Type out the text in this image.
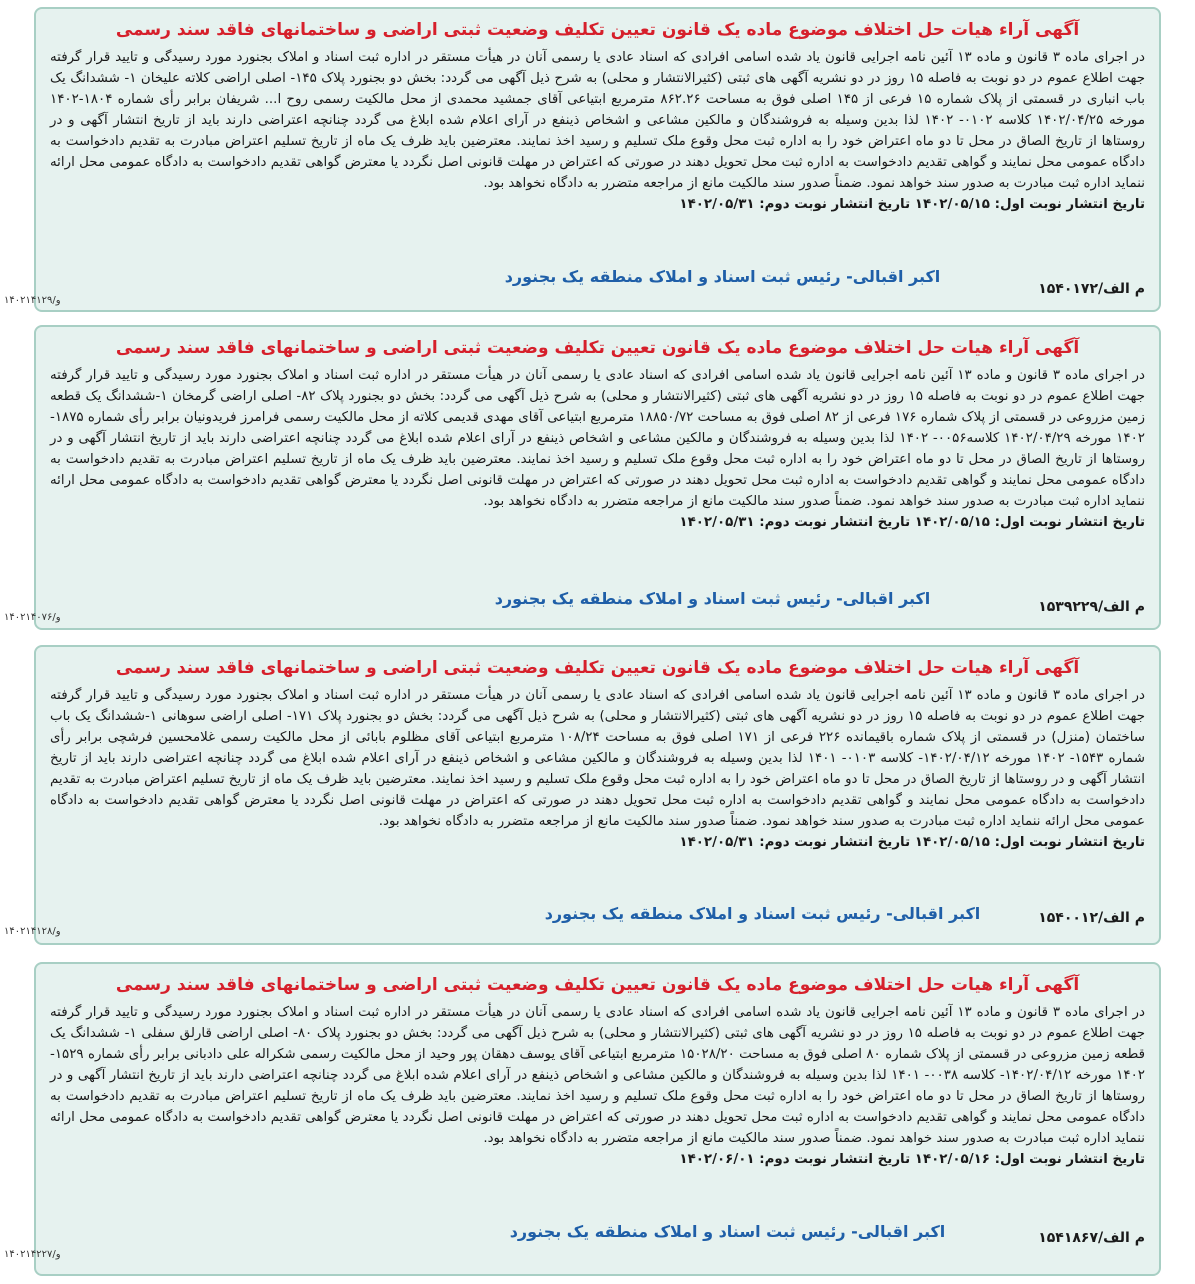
آگهی آراء هیات حل اختلاف موضوع ماده یک قانون تعیین تکلیف وضعیت ثبتی اراضی و ساختمانهای فاقد سند رسمی

در اجرای ماده ۳ قانون و ماده ۱۳ آئین نامه اجرایی قانون یاد شده اسامی افرادی که اسناد عادی یا رسمی آنان در هیأت مستقر در اداره ثبت اسناد و املاک بجنورد مورد رسیدگی و تایید قرار گرفته جهت اطلاع عموم در دو نوبت به فاصله ۱۵ روز در دو نشریه آگهی های ثبتی (کثیرالانتشار و محلی) به شرح ذیل آگهی می گردد: بخش دو بجنورد پلاک ۱۴۵- اصلی اراضی کلاته علیخان ۱- ششدانگ یک باب انباری در قسمتی از پلاک شماره ۱۵ فرعی از ۱۴۵ اصلی فوق به مساحت ۸۶۲.۲۶ مترمربع ابتیاعی آقای جمشید محمدی از محل مالکیت رسمی روح ا... شریفان برابر رأی شماره ۱۸۰۴-۱۴۰۲ مورخه ۱۴۰۲/۰۴/۲۵ کلاسه ۰۱۰۲- ۱۴۰۲ لذا بدین وسیله به فروشندگان و مالکین مشاعی و اشخاص ذینفع در آرای اعلام شده ابلاغ می گردد چنانچه اعتراضی دارند باید از تاریخ انتشار آگهی و در روستاها از تاریخ الصاق در محل تا دو ماه اعتراض خود را به اداره ثبت محل وقوع ملک تسلیم و رسید اخذ نمایند. معترضین باید ظرف یک ماه از تاریخ تسلیم اعتراض مبادرت به تقدیم دادخواست به دادگاه عمومی محل نمایند و گواهی تقدیم دادخواست به اداره ثبت محل تحویل دهند در صورتی که اعتراض در مهلت قانونی اصل نگردد یا معترض گواهی تقدیم دادخواست به دادگاه عمومی محل ارائه ننماید اداره ثبت مبادرت به صدور سند خواهد نمود. ضمناً صدور سند مالکیت مانع از مراجعه متضرر به دادگاه نخواهد بود.

تاریخ انتشار نوبت اول: ۱۴۰۲/۰۵/۱۵ تاریخ انتشار نوبت دوم: ۱۴۰۲/۰۵/۳۱

اکبر اقبالی- رئیس ثبت اسناد و املاک منطقه یک بجنورد
م الف/۱۵۴۰۱۷۲
۱۴۰۲۱۴۱۲۹/و
آگهی آراء هیات حل اختلاف موضوع ماده یک قانون تعیین تکلیف وضعیت ثبتی اراضی و ساختمانهای فاقد سند رسمی

در اجرای ماده ۳ قانون و ماده ۱۳ آئین نامه اجرایی قانون یاد شده اسامی افرادی که اسناد عادی یا رسمی آنان در هیأت مستقر در اداره ثبت اسناد و املاک بجنورد مورد رسیدگی و تایید قرار گرفته جهت اطلاع عموم در دو نوبت به فاصله ۱۵ روز در دو نشریه آگهی های ثبتی (کثیرالانتشار و محلی) به شرح ذیل آگهی می گردد: بخش دو بجنورد پلاک ۸۲- اصلی اراضی گرمخان ۱-ششدانگ یک قطعه زمین مزروعی در قسمتی از پلاک شماره ۱۷۶ فرعی از ۸۲ اصلی فوق به مساحت ۱۸۸۵۰/۷۲ مترمربع ابتیاعی آقای مهدی قدیمی کلاته از محل مالکیت رسمی فرامرز فریدونیان برابر رأی شماره ۱۸۷۵- ۱۴۰۲ مورخه ۱۴۰۲/۰۴/۲۹ کلاسه۰۰۵۶- ۱۴۰۲ لذا بدین وسیله به فروشندگان و مالکین مشاعی و اشخاص ذینفع در آرای اعلام شده ابلاغ می گردد چنانچه اعتراضی دارند باید از تاریخ انتشار آگهی و در روستاها از تاریخ الصاق در محل تا دو ماه اعتراض خود را به اداره ثبت محل وقوع ملک تسلیم و رسید اخذ نمایند. معترضین باید ظرف یک ماه از تاریخ تسلیم اعتراض مبادرت به تقدیم دادخواست به دادگاه عمومی محل نمایند و گواهی تقدیم دادخواست به اداره ثبت محل تحویل دهند در صورتی که اعتراض در مهلت قانونی اصل نگردد یا معترض گواهی تقدیم دادخواست به دادگاه عمومی محل ارائه ننماید اداره ثبت مبادرت به صدور سند خواهد نمود. ضمناً صدور سند مالکیت مانع از مراجعه متضرر به دادگاه نخواهد بود.

تاریخ انتشار نوبت اول: ۱۴۰۲/۰۵/۱۵ تاریخ انتشار نوبت دوم: ۱۴۰۲/۰۵/۳۱

اکبر اقبالی- رئیس ثبت اسناد و املاک منطقه یک بجنورد	م الف/۱۵۳۹۲۲۹
۱۴۰۲۱۴۰۷۶/و
آگهی آراء هیات حل اختلاف موضوع ماده یک قانون تعیین تکلیف وضعیت ثبتی اراضی و ساختمانهای فاقد سند رسمی

در اجرای ماده ۳ قانون و ماده ۱۳ آئین نامه اجرایی قانون یاد شده اسامی افرادی که اسناد عادی یا رسمی آنان در هیأت مستقر در اداره ثبت اسناد و املاک بجنورد مورد رسیدگی و تایید قرار گرفته جهت اطلاع عموم در دو نوبت به فاصله ۱۵ روز در دو نشریه آگهی های ثبتی (کثیرالانتشار و محلی) به شرح ذیل آگهی می گردد: بخش دو بجنورد پلاک ۱۷۱- اصلی اراضی سوهانی ۱-ششدانگ یک باب ساختمان (منزل) در قسمتی از پلاک شماره باقیمانده ۲۲۶ فرعی از ۱۷۱ اصلی فوق به مساحت ۱۰۸/۲۴ مترمربع ابتیاعی آقای مظلوم بابائی از محل مالکیت رسمی غلامحسین فرشچی برابر رأی شماره ۱۵۴۳- ۱۴۰۲ مورخه ۱۴۰۲/۰۴/۱۲- کلاسه ۰۱۰۳- ۱۴۰۱ لذا بدین وسیله به فروشندگان و مالکین مشاعی و اشخاص ذینفع در آرای اعلام شده ابلاغ می گردد چنانچه اعتراضی دارند باید از تاریخ انتشار آگهی و در روستاها از تاریخ الصاق در محل تا دو ماه اعتراض خود را به اداره ثبت محل وقوع ملک تسلیم و رسید اخذ نمایند. معترضین باید ظرف یک ماه از تاریخ تسلیم اعتراض مبادرت به تقدیم دادخواست به دادگاه عمومی محل نمایند و گواهی تقدیم دادخواست به اداره ثبت محل تحویل دهند در صورتی که اعتراض در مهلت قانونی اصل نگردد یا معترض گواهی تقدیم دادخواست به دادگاه عمومی محل ارائه ننماید اداره ثبت مبادرت به صدور سند خواهد نمود. ضمناً صدور سند مالکیت مانع از مراجعه متضرر به دادگاه نخواهد بود.

تاریخ انتشار نوبت اول: ۱۴۰۲/۰۵/۱۵ تاریخ انتشار نوبت دوم: ۱۴۰۲/۰۵/۳۱

اکبر اقبالی- رئیس ثبت اسناد و املاک منطقه یک بجنورد	م الف/۱۵۴۰۰۱۲
۱۴۰۲۱۴۱۲۸/و
آگهی آراء هیات حل اختلاف موضوع ماده یک قانون تعیین تکلیف وضعیت ثبتی اراضی و ساختمانهای فاقد سند رسمی

در اجرای ماده ۳ قانون و ماده ۱۳ آئین نامه اجرایی قانون یاد شده اسامی افرادی که اسناد عادی یا رسمی آنان در هیأت مستقر در اداره ثبت اسناد و املاک بجنورد مورد رسیدگی و تایید قرار گرفته جهت اطلاع عموم در دو نوبت به فاصله ۱۵ روز در دو نشریه آگهی های ثبتی (کثیرالانتشار و محلی) به شرح ذیل آگهی می گردد: بخش دو بجنورد پلاک ۸۰- اصلی اراضی قارلق سفلی ۱- ششدانگ یک قطعه زمین مزروعی در قسمتی از پلاک شماره ۸۰ اصلی فوق به مساحت ۱۵۰۲۸/۲۰ مترمربع ابتیاعی آقای یوسف دهقان پور وحید از محل مالکیت رسمی شکراله علی دادبانی برابر رأی شماره ۱۵۲۹- ۱۴۰۲ مورخه ۱۴۰۲/۰۴/۱۲- کلاسه ۰۰۳۸- ۱۴۰۱ لذا بدین وسیله به فروشندگان و مالکین مشاعی و اشخاص ذینفع در آرای اعلام شده ابلاغ می گردد چنانچه اعتراضی دارند باید از تاریخ انتشار آگهی و در روستاها از تاریخ الصاق در محل تا دو ماه اعتراض خود را به اداره ثبت محل وقوع ملک تسلیم و رسید اخذ نمایند. معترضین باید ظرف یک ماه از تاریخ تسلیم اعتراض مبادرت به تقدیم دادخواست به دادگاه عمومی محل نمایند و گواهی تقدیم دادخواست به اداره ثبت محل تحویل دهند در صورتی که اعتراض در مهلت قانونی اصل نگردد یا معترض گواهی تقدیم دادخواست به دادگاه عمومی محل ارائه ننماید اداره ثبت مبادرت به صدور سند خواهد نمود. ضمناً صدور سند مالکیت مانع از مراجعه متضرر به دادگاه نخواهد بود.

تاریخ انتشار نوبت اول: ۱۴۰۲/۰۵/۱۶ تاریخ انتشار نوبت دوم: ۱۴۰۲/۰۶/۰۱

اکبر اقبالی- رئیس ثبت اسناد و املاک منطقه یک بجنورد	م الف/۱۵۴۱۸۶۷
۱۴۰۲۱۴۲۲۷/و
